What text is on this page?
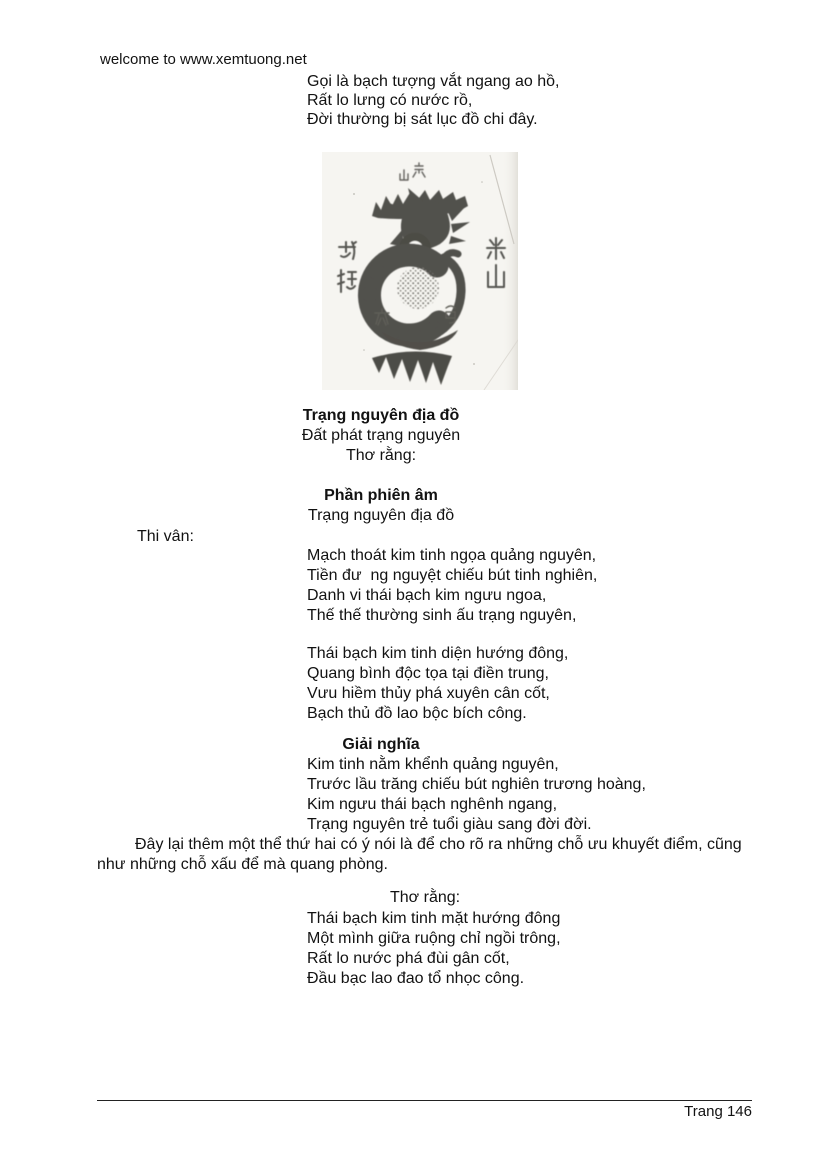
welcome to www.xemtuong.net
Gọi là bạch tượng vắt ngang ao hồ,
Rất lo lưng có nước rồ,
Đời thường bị sát lục đồ chi đây.
Trạng nguyên địa đồ
Đất phát trạng nguyên
Thơ rằng:
Phần phiên âm
Trạng nguyên địa đồ
Thi vân:
Mạch thoát kim tinh ngọa quảng nguyên,
Tiền đư  ng nguyệt chiếu bút tinh nghiên,
Danh vi thái bạch kim ngưu ngoa,
Thế thế thường sinh ấu trạng nguyên,
Thái bạch kim tinh diện hướng đông,
Quang bình độc tọa tại điền trung,
Vưu hiềm thủy phá xuyên cân cốt,
Bạch thủ đồ lao bộc bích công.
Giải nghĩa
Kim tinh nằm khểnh quảng nguyên,
Trước lầu trăng chiếu bút nghiên trương hoàng,
Kim ngưu thái bạch nghênh ngang,
Trạng nguyên trẻ tuổi giàu sang đời đời.
Đây lại thêm một thể thứ hai có ý nói là để cho rõ ra những chỗ ưu khuyết điểm, cũng như những chỗ xấu để mà quang phòng.
Thơ rằng:
Thái bạch kim tinh mặt hướng đông
Một mình giữa ruộng chỉ ngồi trông,
Rất lo nước phá đùi gân cốt,
Đầu bạc lao đao tổ nhọc công.
Trang 146
